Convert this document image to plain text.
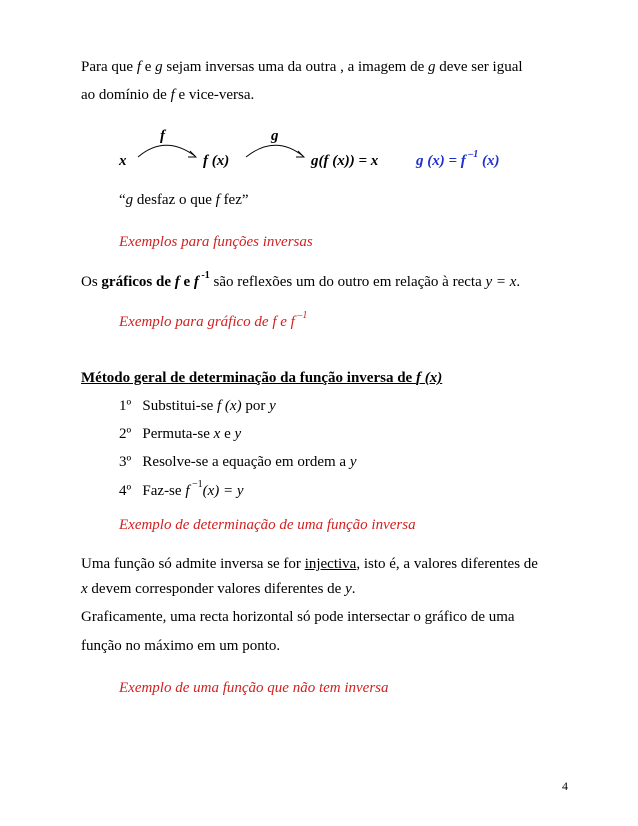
Para que f e g sejam inversas uma da outra , a imagem de g deve ser igual
ao domínio de f e vice-versa.
f	g
x	f (x)	g(f (x)) = x	g (x) = f $^{-1}$ (x)
“g desfaz o que f fez”
Exemplos para funções inversas
Os gráficos de f e f $^{-1}$ são reflexões um do outro em relação à recta y = x.
Exemplo para gráfico de f e f $^{-1}$
Método geral de determinação da função inversa de f (x)
1º Substitui-se f (x) por y
2º Permuta-se x e y
3º Resolve-se a equação em ordem a y
4º Faz-se f $^{-1}$(x) = y
Exemplo de determinação de uma função inversa
Uma função só admite inversa se for injectiva, isto é, a valores diferentes de
x devem corresponder valores diferentes de y.
Graficamente, uma recta horizontal só pode intersectar o gráfico de uma
função no máximo em um ponto.
Exemplo de uma função que não tem inversa
4
